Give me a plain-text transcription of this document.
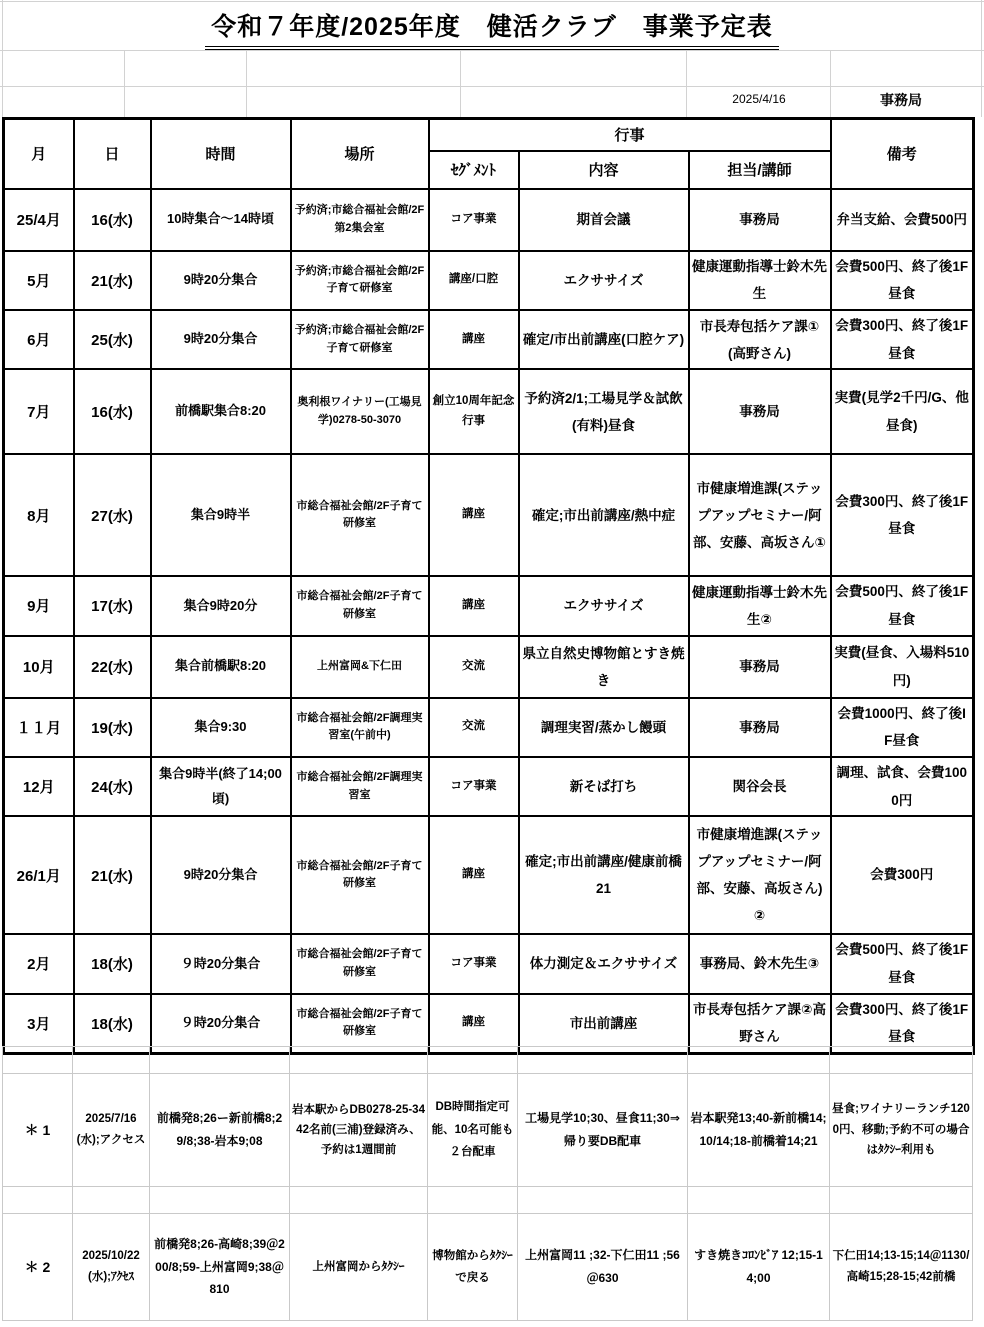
令和７年度/2025年度　健活クラブ　事業予定表
2025/4/16	事務局
月	日	時間	場所	行事			備考
				ｾｸﾞﾒﾝﾄ	内容	担当/講師	
25/4月	16(水)	10時集合～14時頃	予約済;市総合福祉会館/2F第2集会室	コア事業	期首会議	事務局	弁当支給、会費500円
5月	21(水)	9時20分集合	予約済;市総合福祉会館/2F子育て研修室	講座/口腔	エクササイズ	健康運動指導士鈴木先生	会費500円、終了後1F昼食
6月	25(水)	9時20分集合	予約済;市総合福祉会館/2F子育て研修室	講座	確定/市出前講座(口腔ケア)	市長寿包括ケア課①(高野さん)	会費300円、終了後1F昼食
7月	16(水)	前橋駅集合8:20	奥利根ワイナリー(工場見学)0278-50-3070	創立10周年記念行事	予約済2/1;工場見学＆試飲(有料)昼食	事務局	実費(見学2千円/G、他昼食)
8月	27(水)	集合9時半	市総合福祉会館/2F子育て研修室	講座	確定;市出前講座/熱中症	市健康増進課(ステップアップセミナー/阿部、安藤、高坂さん①	会費300円、終了後1F昼食
9月	17(水)	集合9時20分	市総合福祉会館/2F子育て研修室	講座	エクササイズ	健康運動指導士鈴木先生②	会費500円、終了後1F昼食
10月	22(水)	集合前橋駅8:20	上州富岡&下仁田	交流	県立自然史博物館とすき焼き	事務局	実費(昼食、入場料510円)
１１月	19(水)	集合9:30	市総合福祉会館/2F調理実習室(午前中)	交流	調理実習/蒸かし饅頭	事務局	会費1000円、終了後IF昼食
12月	24(水)	集合9時半(終了14;00頃)	市総合福祉会館/2F調理実習室	コア事業	新そば打ち	関谷会長	調理、試食、会費1000円
26/1月	21(水)	9時20分集合	市総合福祉会館/2F子育て研修室	講座	確定;市出前講座/健康前橋21	市健康増進課(ステップアップセミナー/阿部、安藤、高坂さん)②	会費300円
2月	18(水)	９時20分集合	市総合福祉会館/2F子育て研修室	コア事業	体力測定＆エクササイズ	事務局、鈴木先生③	会費500円、終了後1F昼食
3月	18(水)	９時20分集合	市総合福祉会館/2F子育て研修室	講座	市出前講座	市長寿包括ケア課②高野さん	会費300円、終了後1F昼食

＊ 1	2025/7/16(水);アクセス	前橋発8;26ー新前橋8;29/8;38-岩本9;08	岩本駅からDB0278-25-3442名前(三浦)登録済み、予約は1週間前	DB時間指定可能、10名可能も２台配車	工場見学10;30、昼食11;30⇒帰り要DB配車	岩本駅発13;40-新前橋14;10/14;18-前橋着14;21	昼食;ワイナリーランチ1200円、移動;予約不可の場合はﾀｸｼｰ利用も

＊ 2	2025/10/22(水);ｱｸｾｽ	前橋発8;26-高崎8;39＠200/8;59-上州富岡9;38＠810	上州富岡からﾀｸｼｰ	博物館からﾀｸｼｰで戻る	上州富岡11 ;32-下仁田11 ;56＠630	すき焼きｺﾛﾝﾋﾞｱ 12;15-14;00	下仁田14;13-15;14＠1130/高崎15;28-15;42前橋
